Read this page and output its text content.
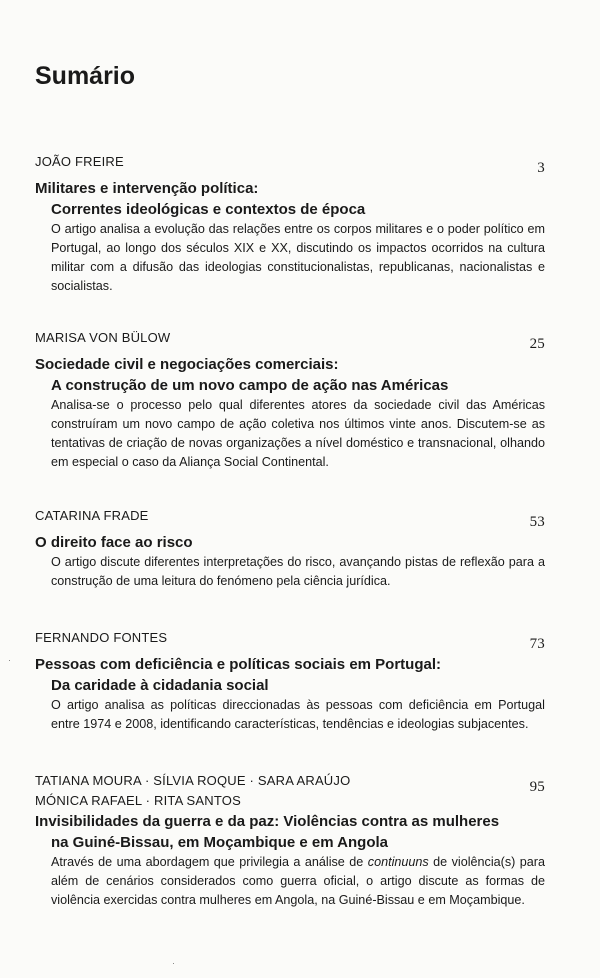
Sumário
JOÃO FREIRE	3
Militares e intervenção política:
Correntes ideológicas e contextos de época

O artigo analisa a evolução das relações entre os corpos militares e o poder político em Portugal, ao longo dos séculos XIX e XX, discutindo os impactos ocorridos na cultura militar com a difusão das ideologias constitucionalistas, republicanas, nacionalistas e socialistas.

MARISA VON BÜLOW	25
Sociedade civil e negociações comerciais:
A construção de um novo campo de ação nas Américas

Analisa-se o processo pelo qual diferentes atores da sociedade civil das Américas construíram um novo campo de ação coletiva nos últimos vinte anos. Discutem-se as tentativas de criação de novas organizações a nível doméstico e transnacional, olhando em especial o caso da Aliança Social Continental.

CATARINA FRADE	53
O direito face ao risco

O artigo discute diferentes interpretações do risco, avançando pistas de reflexão para a construção de uma leitura do fenómeno pela ciência jurídica.

FERNANDO FONTES	73
Pessoas com deficiência e políticas sociais em Portugal:
Da caridade à cidadania social

O artigo analisa as políticas direccionadas às pessoas com deficiência em Portugal entre 1974 e 2008, identificando características, tendências e ideologias subjacentes.

TATIANA MOURA · SÍLVIA ROQUE · SARA ARAÚJO
MÓNICA RAFAEL · RITA SANTOS
95
Invisibilidades da guerra e da paz: Violências contra as mulheres
na Guiné-Bissau, em Moçambique e em Angola

Através de uma abordagem que privilegia a análise de continuuns de violência(s) para além de cenários considerados como guerra oficial, o artigo discute as formas de violência exercidas contra mulheres em Angola, na Guiné-Bissau e em Moçambique.

·
·
